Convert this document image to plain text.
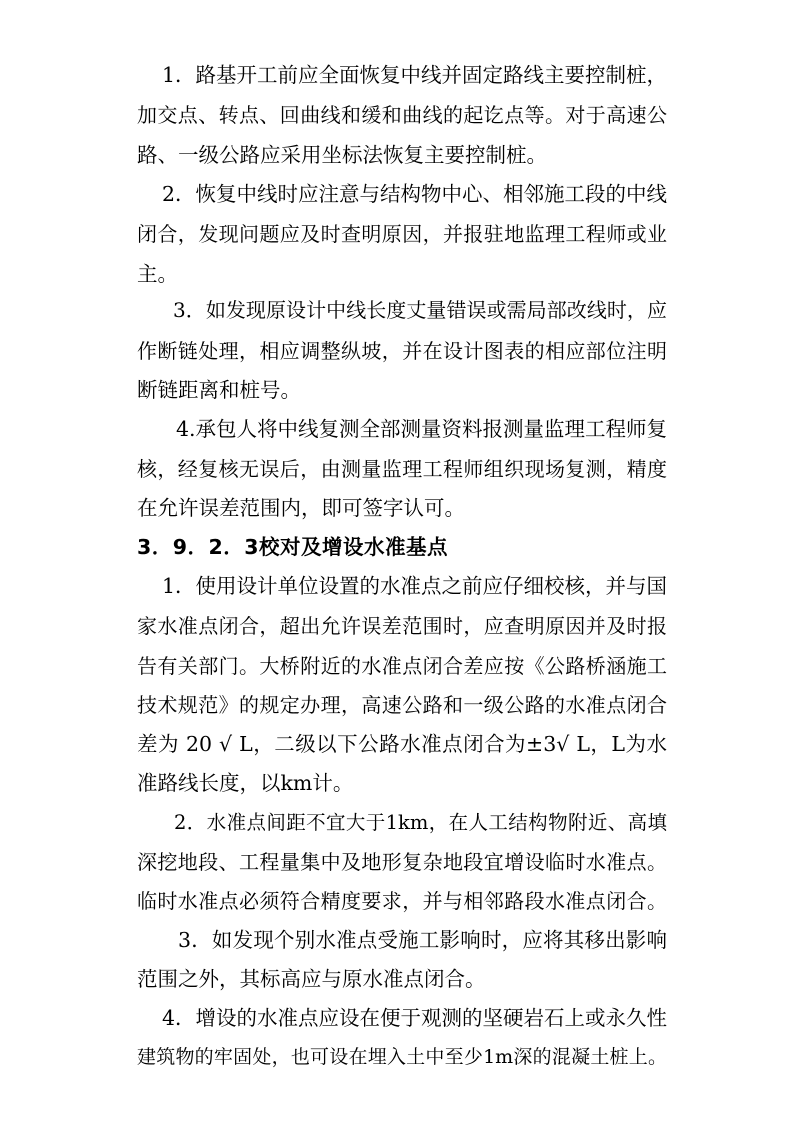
1．路基开工前应全面恢复中线并固定路线主要控制桩，
加交点、转点、回曲线和缓和曲线的起讫点等。对于高速公
路、一级公路应采用坐标法恢复主要控制桩。
2．恢复中线时应注意与结构物中心、相邻施工段的中线
闭合，发现问题应及时查明原因，并报驻地监理工程师或业
主。
3．如发现原设计中线长度丈量错误或需局部改线时，应
作断链处理，相应调整纵坡，并在设计图表的相应部位注明
断链距离和桩号。
4.承包人将中线复测全部测量资料报测量监理工程师复
核，经复核无误后，由测量监理工程师组织现场复测，精度
在允许误差范围内，即可签字认可。
3．9．2．3校对及增设水准基点
1．使用设计单位设置的水准点之前应仔细校核，并与国
家水准点闭合，超出允许误差范围时，应查明原因并及时报
告有关部门。大桥附近的水准点闭合差应按《公路桥涵施工
技术规范》的规定办理，高速公路和一级公路的水准点闭合
差为 20 √ L，二级以下公路水准点闭合为±3√ L，L为水
准路线长度，以km计。
2．水准点间距不宜大于1km，在人工结构物附近、高填
深挖地段、工程量集中及地形复杂地段宜增设临时水准点。
临时水准点必须符合精度要求，并与相邻路段水准点闭合。
3．如发现个别水准点受施工影响时，应将其移出影响
范围之外，其标高应与原水准点闭合。
4．增设的水准点应设在便于观测的坚硬岩石上或永久性
建筑物的牢固处，也可设在埋入土中至少1m深的混凝土桩上。
